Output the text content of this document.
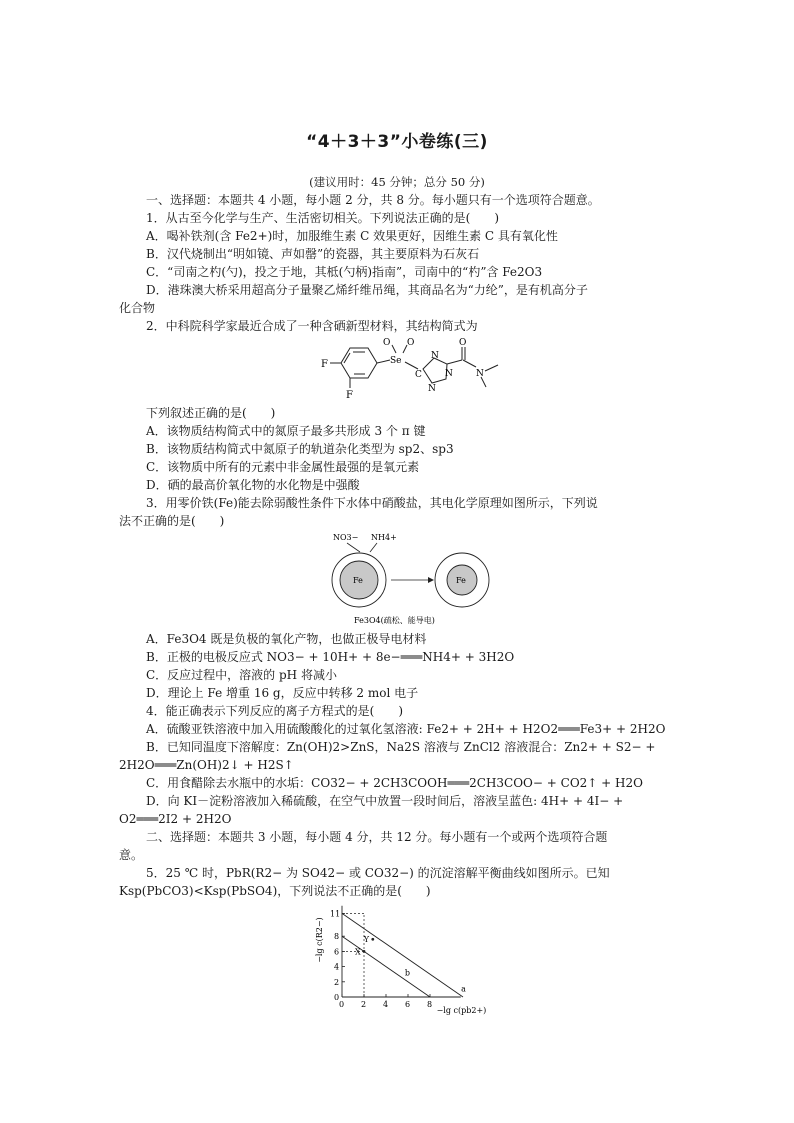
“4＋3＋3”小卷练(三)
(建议用时：45 分钟；总分 50 分)
一、选择题：本题共 4 小题，每小题 2 分，共 8 分。每小题只有一个选项符合题意。
1．从古至今化学与生产、生活密切相关。下列说法正确的是(　　)
A．喝补铁剂(含 Fe2+)时，加服维生素 C 效果更好，因维生素 C 具有氧化性
B．汉代烧制出“明如镜、声如罄”的瓷器，其主要原料为石灰石
C．“司南之杓(勺)，投之于地，其柢(勺柄)指南”，司南中的“杓”含 Fe2O3
D．港珠澳大桥采用超高分子量聚乙烯纤维吊绳，其商品名为“力纶”，是有机高分子
化合物
2．中科院科学家最近合成了一种含硒新型材料，其结构简式为
F
F
Se
O O
C
N
N
N
O
N
下列叙述正确的是(　　)
A．该物质结构简式中的氮原子最多共形成 3 个 π 键
B．该物质结构简式中氮原子的轨道杂化类型为 sp2、sp3
C．该物质中所有的元素中非金属性最强的是氧元素
D．硒的最高价氧化物的水化物是中强酸
3．用零价铁(Fe)能去除弱酸性条件下水体中硝酸盐，其电化学原理如图所示，下列说
法不正确的是(　　)
NO3− NH4+
Fe	Fe
Fe3O4(疏松、能导电)
A．Fe3O4 既是负极的氧化产物，也做正极导电材料
B．正极的电极反应式 NO3− + 10H+ + 8e−═══NH4+ + 3H2O
C．反应过程中，溶液的 pH 将减小
D．理论上 Fe 增重 16 g，反应中转移 2 mol 电子
4．能正确表示下列反应的离子方程式的是(　　)
A．硫酸亚铁溶液中加入用硫酸酸化的过氧化氢溶液: Fe2+ + 2H+ + H2O2═══Fe3+ + 2H2O
B．已知同温度下溶解度：Zn(OH)2>ZnS，Na2S 溶液与 ZnCl2 溶液混合：Zn2+ + S2− +
2H2O═══Zn(OH)2↓ + H2S↑
C．用食醋除去水瓶中的水垢：CO32− + 2CH3COOH═══2CH3COO− + CO2↑ + H2O
D．向 KI－淀粉溶液加入稀硫酸，在空气中放置一段时间后，溶液呈蓝色: 4H+ + 4I− +
O2═══2I2 + 2H2O
二、选择题：本题共 3 小题，每小题 4 分，共 12 分。每小题有一个或两个选项符合题
意。
5．25 ℃ 时，PbR(R2− 为 SO42− 或 CO32−) 的沉淀溶解平衡曲线如图所示。已知
Ksp(PbCO3)<Ksp(PbSO4)，下列说法不正确的是(　　)
0 2 4 6 8
0
2
4
6
8
11
a
b
Y
X
−lg c(pb2+)
−lg c(R2−)
